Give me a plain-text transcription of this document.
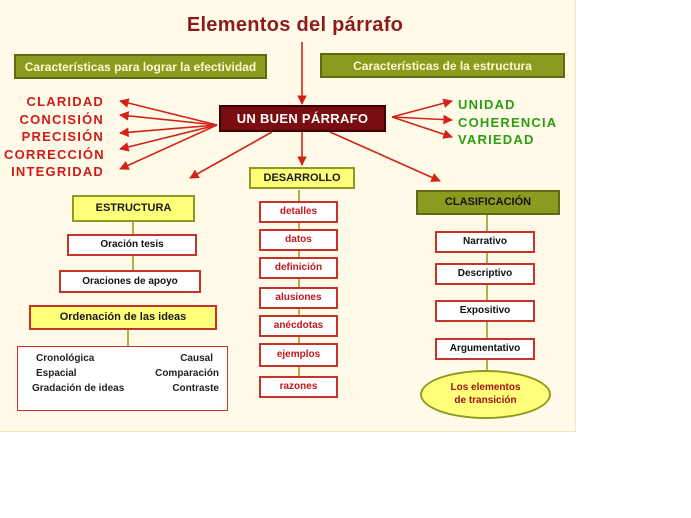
Elementos del párrafo
Características para lograr la efectividad	Características de la estructura
UN BUEN PÁRRAFO
CLARIDAD
CONCISIÓN
PRECISIÓN
CORRECCIÓN
INTEGRIDAD
UNIDAD
COHERENCIA
VARIEDAD
ESTRUCTURA
Oración tesis
Oraciones de apoyo
Ordenación de las ideas
Cronológica	Causal
Espacial	Comparación
Gradación de ideas	Contraste
DESARROLLO
detalles
datos
definición
alusiones
anécdotas
ejemplos
razones
CLASIFICACIÓN
Narrativo
Descriptivo
Expositivo
Argumentativo
Los elementos
de transición
